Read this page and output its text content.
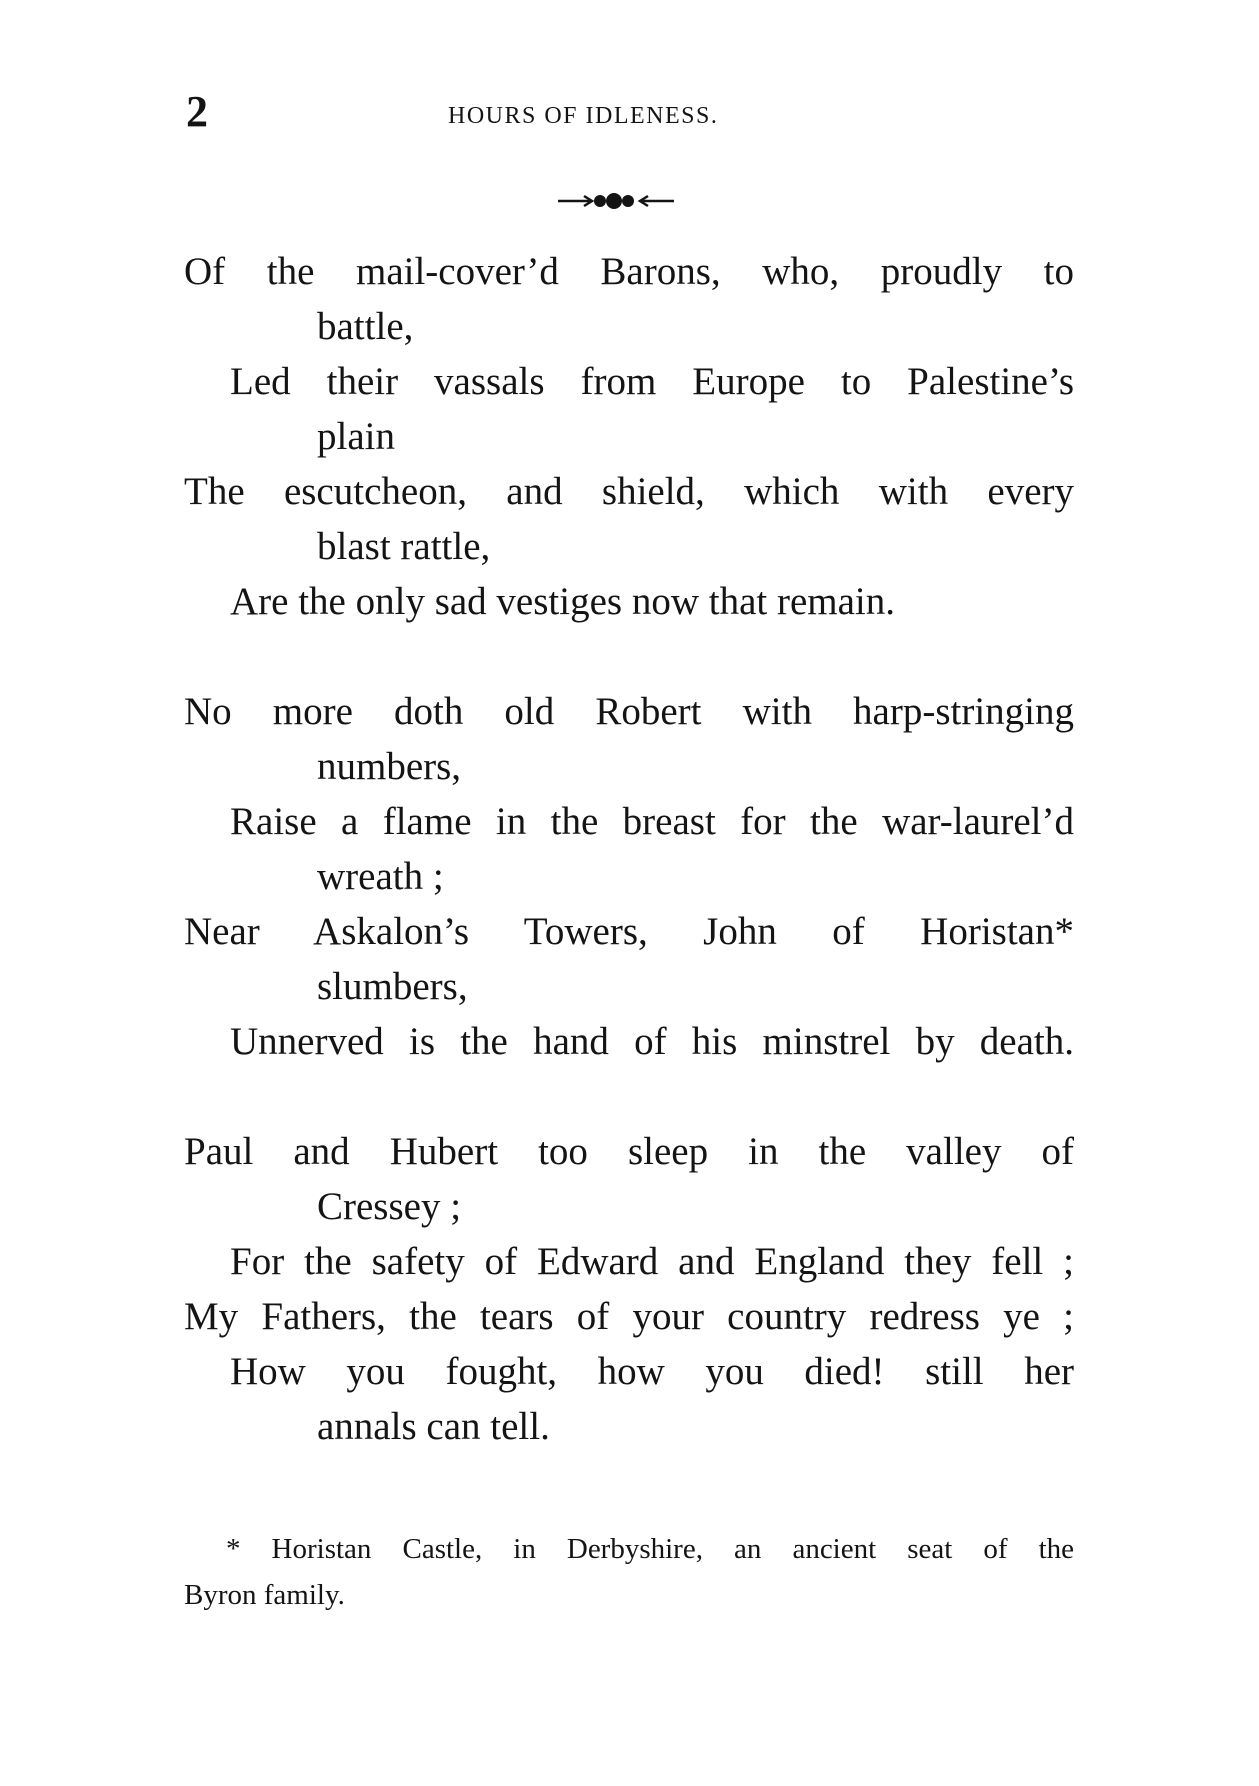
2	HOURS OF IDLENESS.
Of the mail-cover’d Barons, who, proudly to
battle,
Led their vassals from Europe to Palestine’s
plain
The escutcheon, and shield, which with every
blast rattle,
Are the only sad vestiges now that remain.
No more doth old Robert with harp-stringing
numbers,
Raise a flame in the breast for the war-laurel’d
wreath ;
Near Askalon’s Towers, John of Horistan*
slumbers,
Unnerved is the hand of his minstrel by death.
Paul and Hubert too sleep in the valley of
Cressey ;
For the safety of Edward and England they fell ;
My Fathers, the tears of your country redress ye ;
How you fought, how you died! still her
annals can tell.
* Horistan Castle, in Derbyshire, an ancient seat of the
Byron family.
